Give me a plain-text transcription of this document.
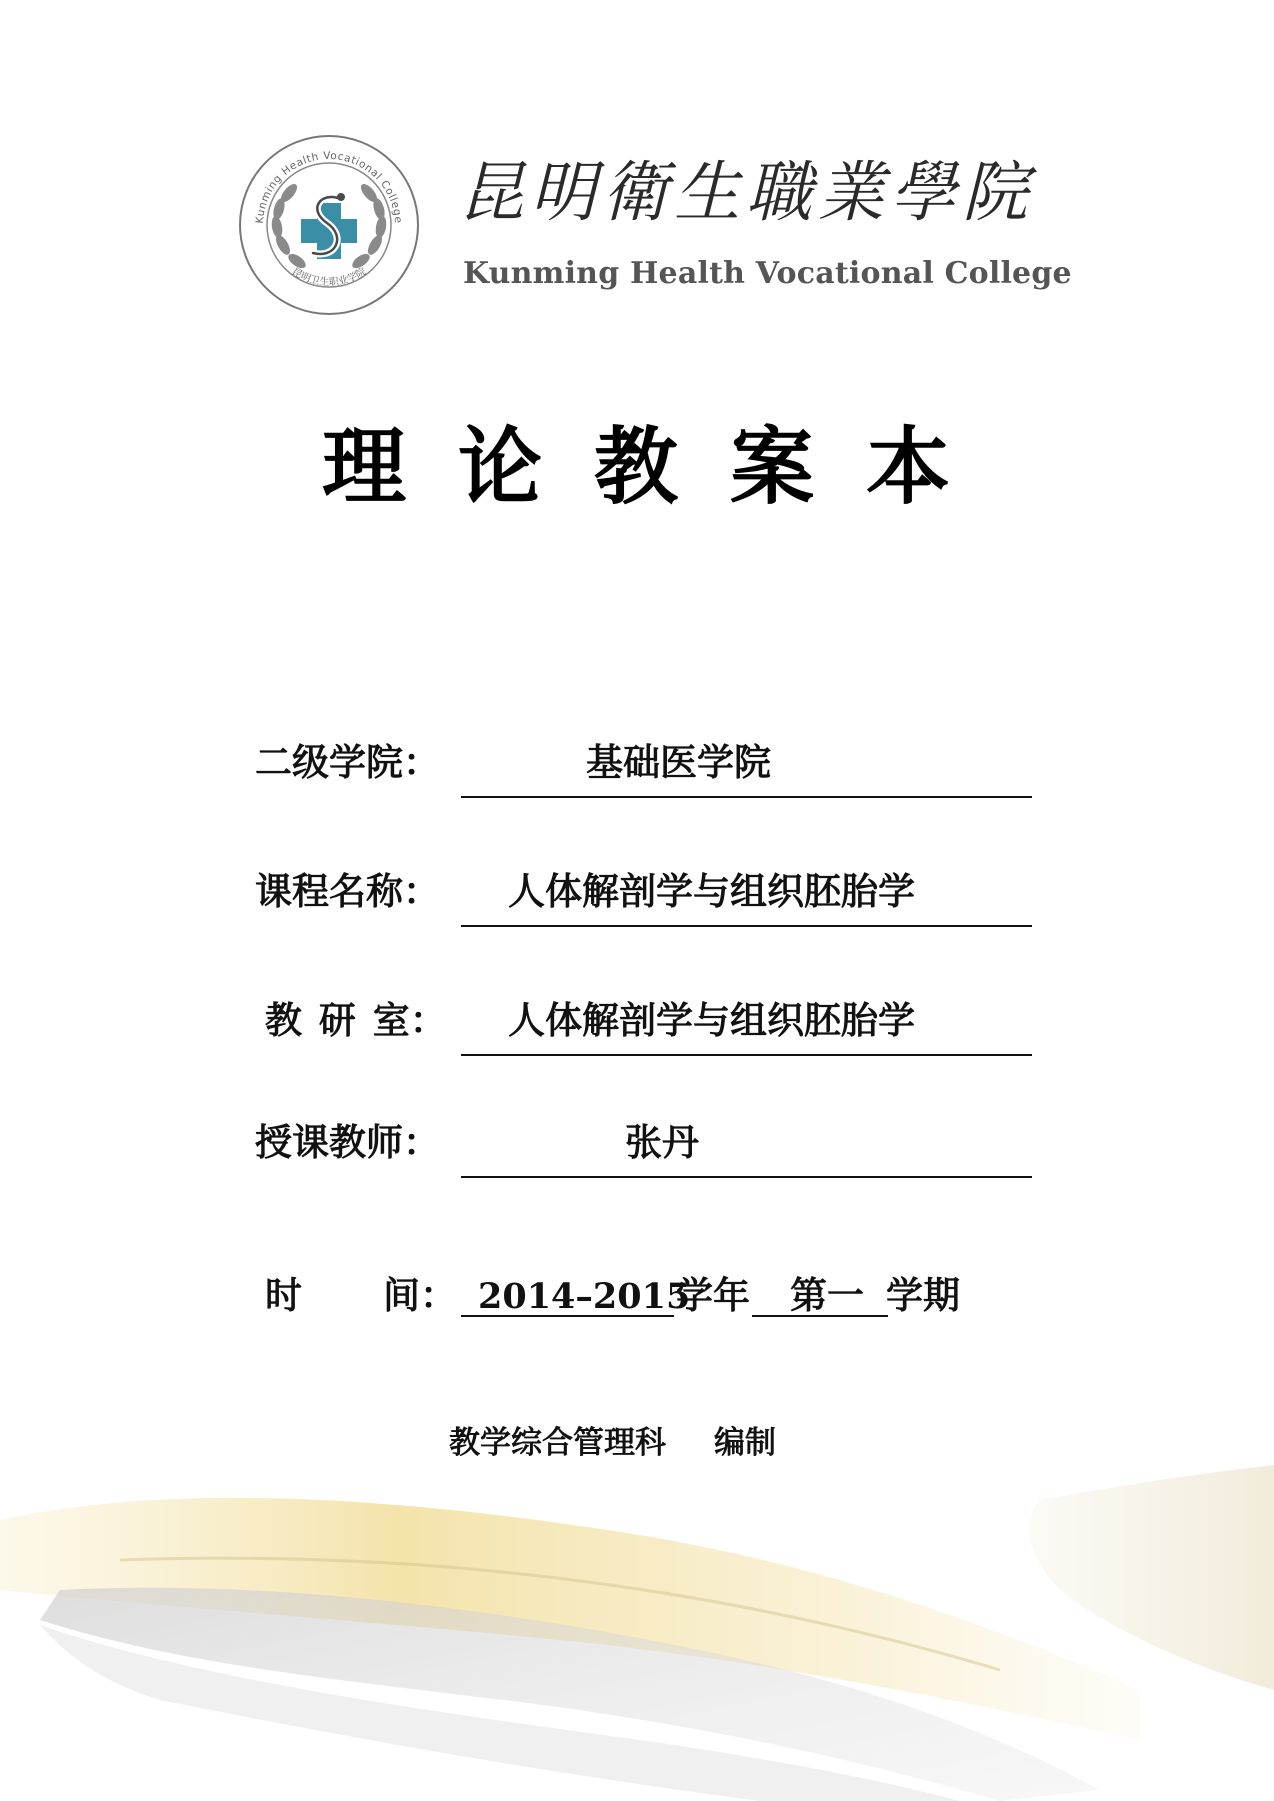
Kunming Health Vocational College
昆明卫生职业学院
昆明衛生職業學院
Kunming Health Vocational College
理论教案本
二级学院：	基础医学院
课程名称： 人体解剖学与组织胚胎学
教 研 室： 人体解剖学与组织胚胎学
授课教师：	张丹
时 间： 2014–2015
学年 第一 学期
教学综合管理科 编制
